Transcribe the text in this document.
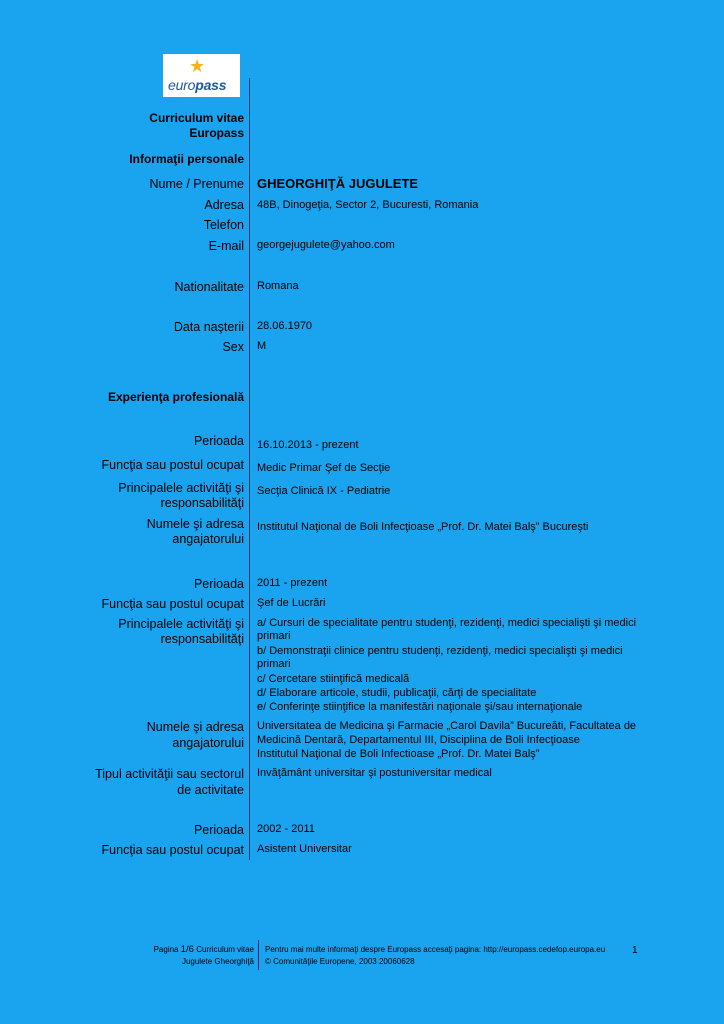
★
europass
Curriculum vitae
Europass
Informaţii personale
Nume / Prenume GHEORGHIŢĂ JUGULETE
Adresa 48B, Dinogeţia, Sector 2, Bucuresti, Romania
Telefon
E-mail georgejugulete@yahoo.com
Nationalitate Romana
Data naşterii 28.06.1970
Sex M
Experienţa profesională
Perioada 16.10.2013 - prezent
Funcţia sau postul ocupat Medic Primar Şef de Secţie
Principalele activităţi şi
responsabilităţi
Secţia Clinică IX - Pediatrie
Numele şi adresa
angajatorului
Institutul Naţional de Boli Infecţioase „Prof. Dr. Matei Balş” Bucureşti
Perioada 2011 - prezent
Funcţia sau postul ocupat Şef de Lucrări
Principalele activităţi şi
responsabilităţi
a/ Cursuri de specialitate pentru studenţi, rezidenţi, medici specialişti şi medici
primari
b/ Demonstraţii clinice pentru studenţi, rezidenţi, medici specialişti şi medici
primari
c/ Cercetare stiinţifică medicală
d/ Elaborare articole, studii, publicaţii, cărţi de specialitate
e/ Conferinţe stiinţifice la manifestări naţionale şi/sau internaţionale
Numele şi adresa
angajatorului
Universitatea de Medicina şi Farmacie „Carol Davila” Bucureăti, Facultatea de
Medicină Dentară, Departamentul III, Disciplina de Boli Infecţioase
Institutul Naţional de Boli Infectioase „Prof. Dr. Matei Balş”
Tipul activităţii sau sectorul
de activitate
Invăţământ universitar şi postuniversitar medical
Perioada 2002 - 2011
Funcţia sau postul ocupat Asistent Universitar
Pagina 1/6 Curriculum vitae
Jugulete Gheorghiţă
Pentru mai multe informaţi despre Europass accesaţi pagina: http://europass.cedefop.europa.eu
© Comunităţile Europene, 2003 20060628
1
